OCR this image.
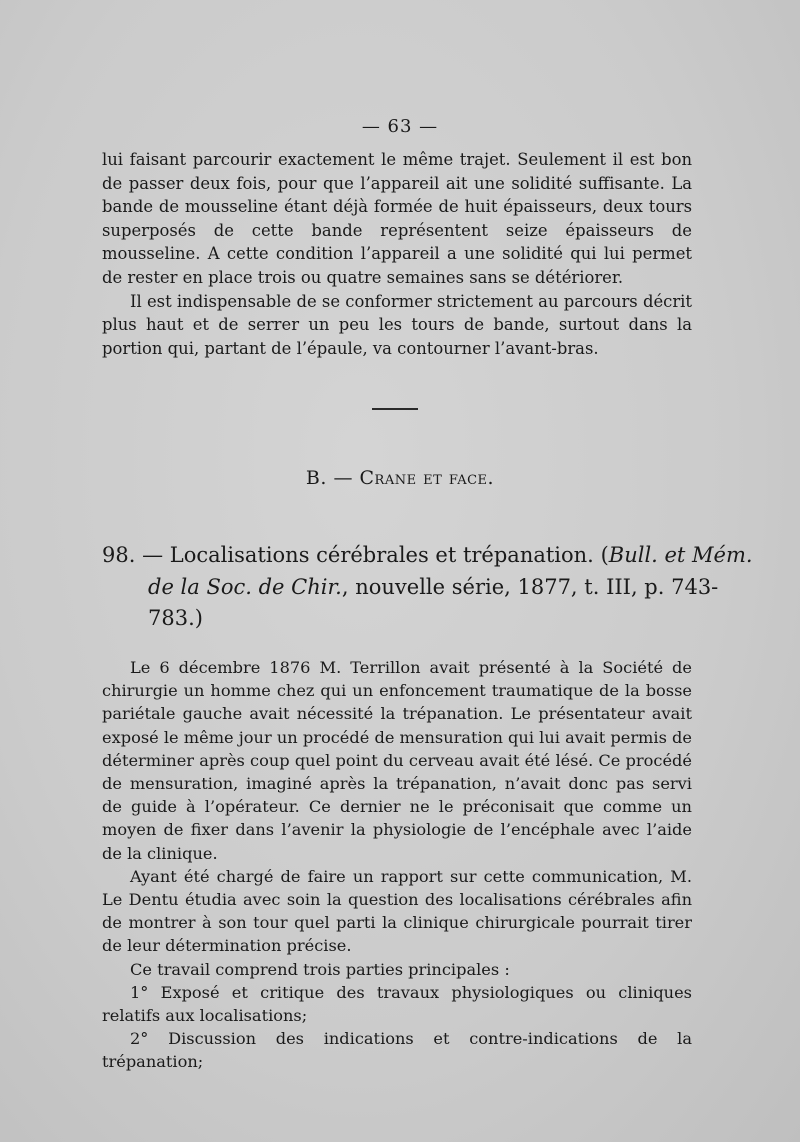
— 63 —

lui faisant parcourir exactement le même trajet. Seulement il est bon de passer deux fois, pour que l’appareil ait une solidité suffisante. La bande de mousseline étant déjà formée de huit épaisseurs, deux tours superposés de cette bande représentent seize épaisseurs de mousseline. A cette condition l’appareil a une solidité qui lui permet de rester en place trois ou quatre semaines sans se détériorer.

Il est indispensable de se conformer strictement au parcours décrit plus haut et de serrer un peu les tours de bande, surtout dans la portion qui, partant de l’épaule, va contourner l’avant-bras.

B. — Crane et face.
98. — Localisations cérébrales et trépanation. (Bull. et Mém.
de la Soc. de Chir., nouvelle série, 1877, t. III, p. 743-
783.)

Le 6 décembre 1876 M. Terrillon avait présenté à la Société de chirurgie un homme chez qui un enfoncement traumatique de la bosse pariétale gauche avait nécessité la trépanation. Le présentateur avait exposé le même jour un procédé de mensuration qui lui avait permis de déterminer après coup quel point du cerveau avait été lésé. Ce procédé de mensuration, imaginé après la trépanation, n’avait donc pas servi de guide à l’opérateur. Ce dernier ne le préconisait que comme un moyen de fixer dans l’avenir la physiologie de l’encéphale avec l’aide de la clinique.

Ayant été chargé de faire un rapport sur cette communication, M. Le Dentu étudia avec soin la question des localisations cérébrales afin de montrer à son tour quel parti la clinique chirurgicale pourrait tirer de leur détermination précise.

Ce travail comprend trois parties principales :

1° Exposé et critique des travaux physiologiques ou cliniques relatifs aux localisations;

2° Discussion des indications et contre-indications de la trépanation;
